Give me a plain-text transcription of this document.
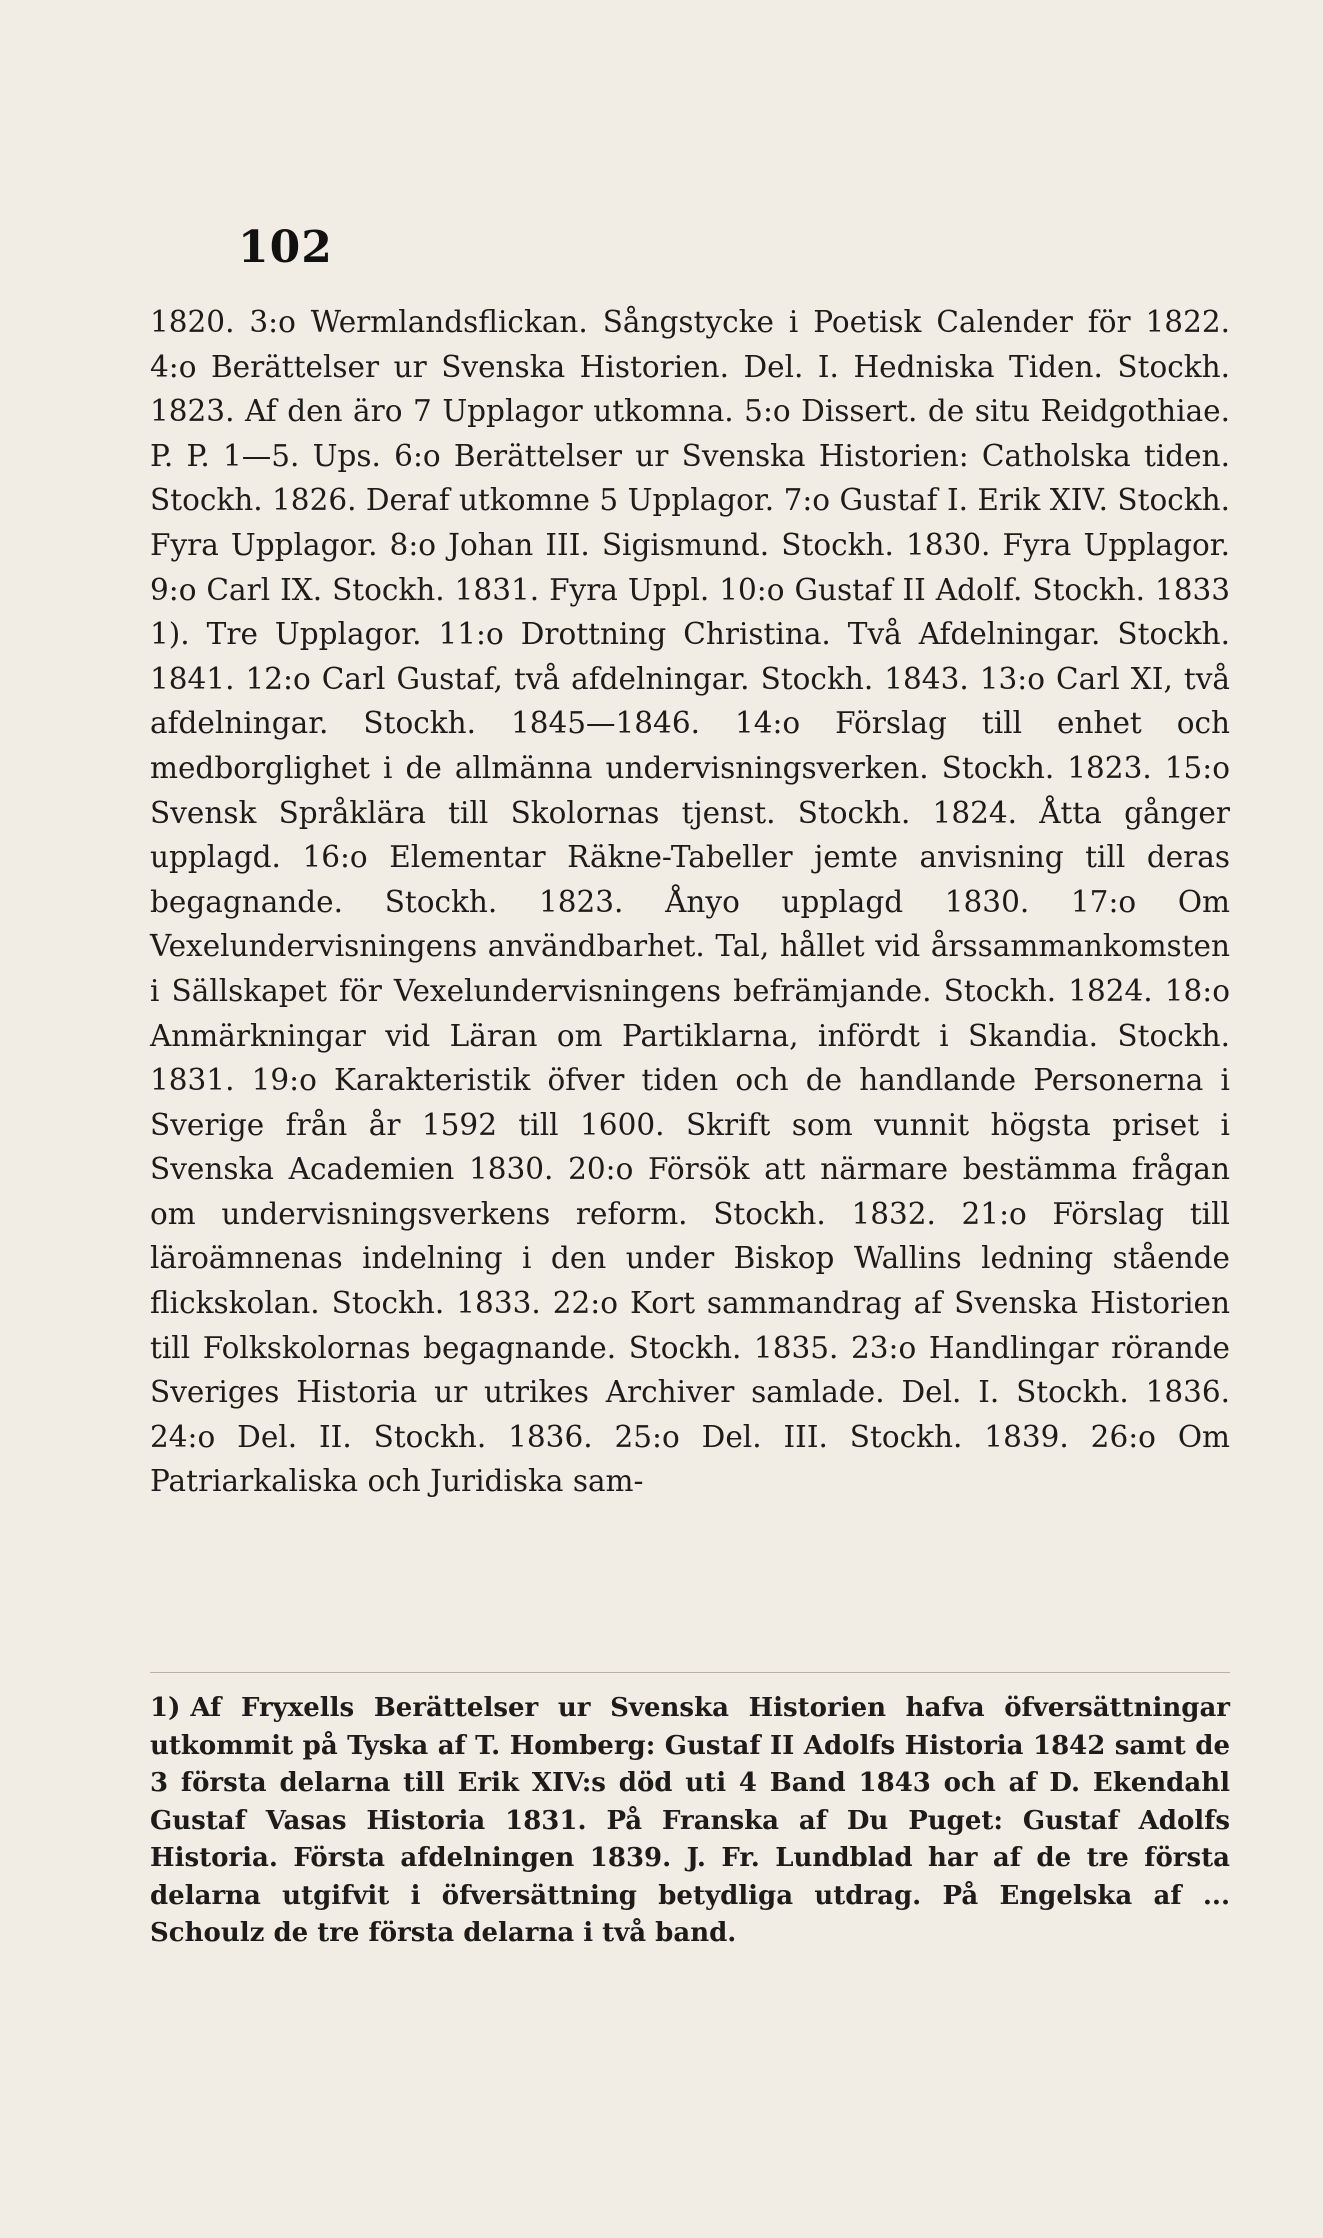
102
1820. 3:o Wermlandsflickan. Sångstycke i Poetisk Calender för 1822. 4:o Berättelser ur Svenska Historien. Del. I. Hedniska Tiden. Stockh. 1823. Af den äro 7 Upplagor utkomna. 5:o Dissert. de situ Reidgothiae. P. P. 1—5. Ups. 6:o Berättelser ur Svenska Historien: Catholska tiden. Stockh. 1826. Deraf utkomne 5 Upplagor. 7:o Gustaf I. Erik XIV. Stockh. Fyra Upplagor. 8:o Johan III. Sigismund. Stockh. 1830. Fyra Upplagor. 9:o Carl IX. Stockh. 1831. Fyra Uppl. 10:o Gustaf II Adolf. Stockh. 1833 1). Tre Upplagor. 11:o Drottning Christina. Två Afdelningar. Stockh. 1841. 12:o Carl Gustaf, två afdelningar. Stockh. 1843. 13:o Carl XI, två afdelningar. Stockh. 1845—1846. 14:o Förslag till enhet och medborglighet i de allmänna undervisningsverken. Stockh. 1823. 15:o Svensk Språklära till Skolornas tjenst. Stockh. 1824. Åtta gånger upplagd. 16:o Elementar Räkne-Tabeller jemte anvisning till deras begagnande. Stockh. 1823. Ånyo upplagd 1830. 17:o Om Vexelundervisningens användbarhet. Tal, hållet vid årssammankomsten i Sällskapet för Vexelundervisningens befrämjande. Stockh. 1824. 18:o Anmärkningar vid Läran om Partiklarna, infördt i Skandia. Stockh. 1831. 19:o Karakteristik öfver tiden och de handlande Personerna i Sverige från år 1592 till 1600. Skrift som vunnit högsta priset i Svenska Academien 1830. 20:o Försök att närmare bestämma frågan om undervisningsverkens reform. Stockh. 1832. 21:o Förslag till läroämnenas indelning i den under Biskop Wallins ledning stående flickskolan. Stockh. 1833. 22:o Kort sammandrag af Svenska Historien till Folkskolornas begagnande. Stockh. 1835. 23:o Handlingar rörande Sveriges Historia ur utrikes Archiver samlade. Del. I. Stockh. 1836. 24:o Del. II. Stockh. 1836. 25:o Del. III. Stockh. 1839. 26:o Om Patriarkaliska och Juridiska sam-
1) Af Fryxells Berättelser ur Svenska Historien hafva öfversättningar utkommit på Tyska af T. Homberg: Gustaf II Adolfs Historia 1842 samt de 3 första delarna till Erik XIV:s död uti 4 Band 1843 och af D. Ekendahl Gustaf Vasas Historia 1831. På Franska af Du Puget: Gustaf Adolfs Historia. Första afdelningen 1839. J. Fr. Lundblad har af de tre första delarna utgifvit i öfversättning betydliga utdrag. På Engelska af ... Schoulz de tre första delarna i två band.
